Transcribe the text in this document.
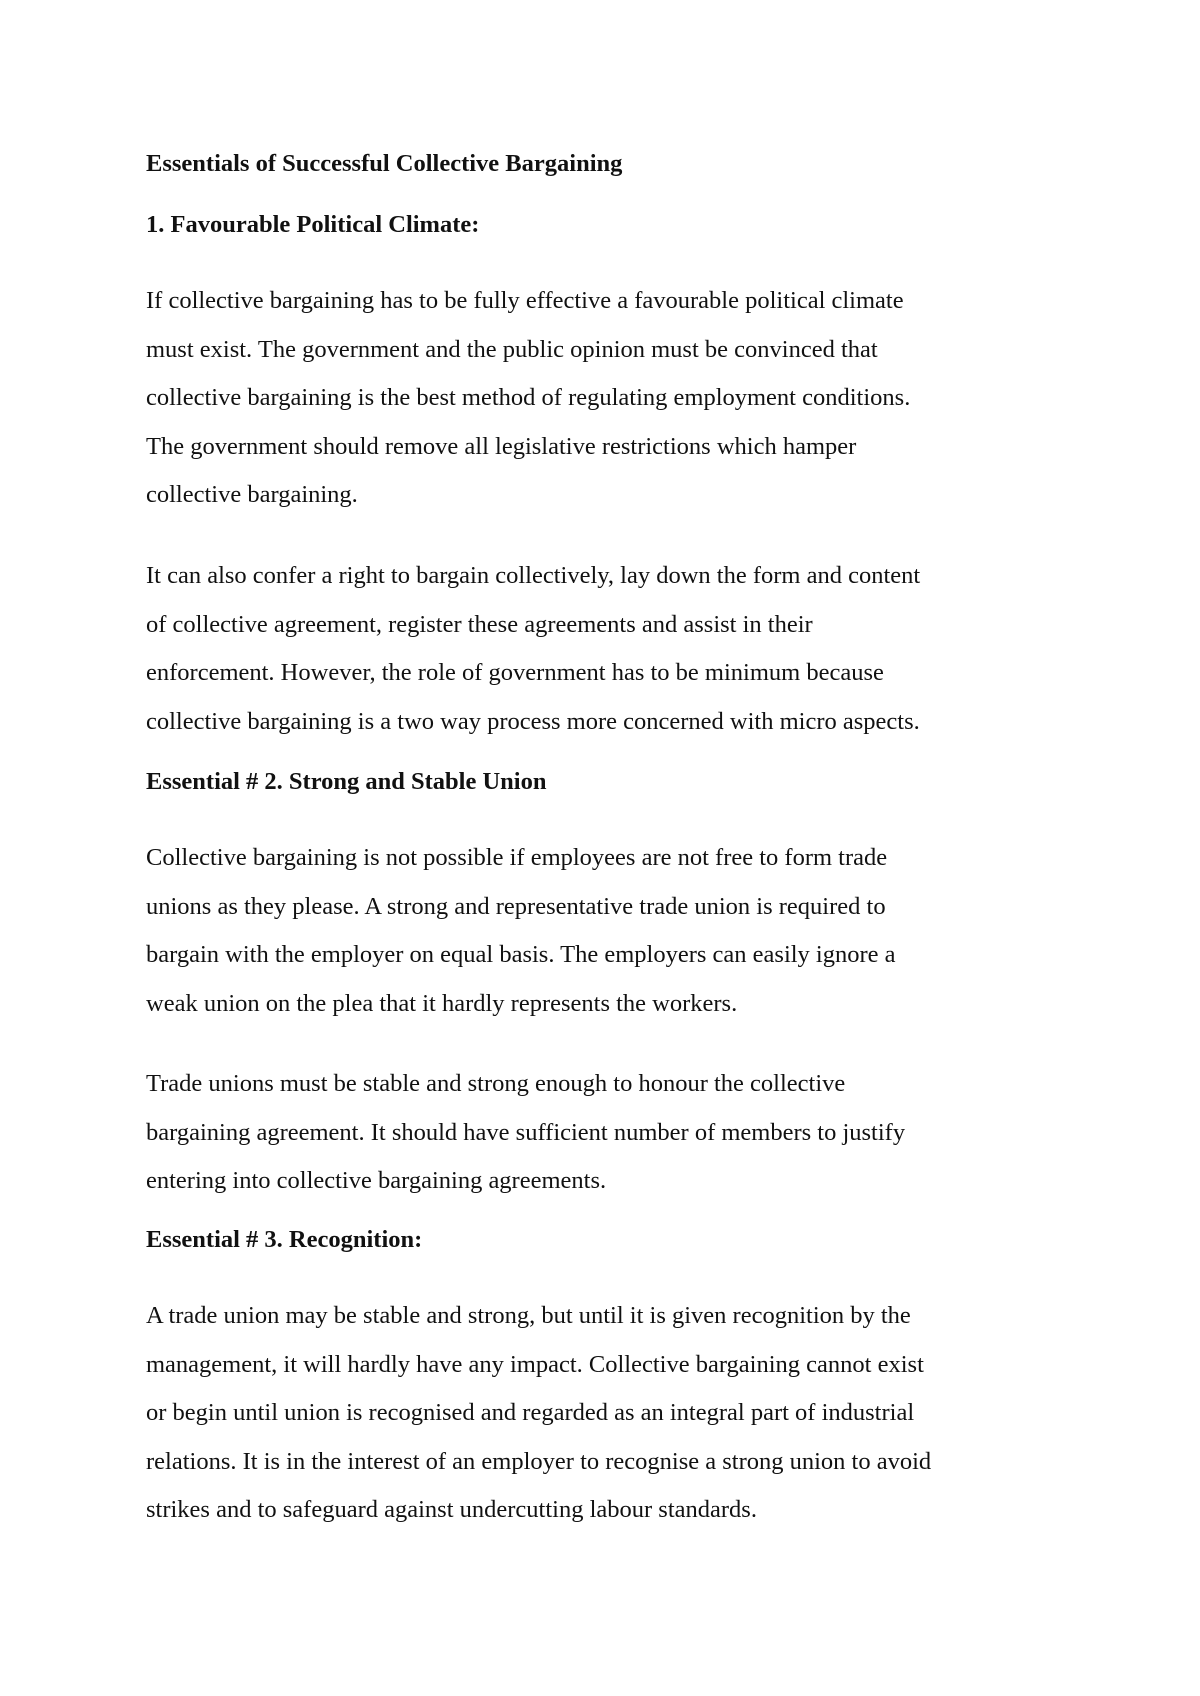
Essentials of Successful Collective Bargaining
1. Favourable Political Climate:

If collective bargaining has to be fully effective a favourable political climate
must exist. The government and the public opinion must be convinced that
collective bargaining is the best method of regulating employment conditions.
The government should remove all legislative restrictions which hamper
collective bargaining.

It can also confer a right to bargain collectively, lay down the form and content
of collective agreement, register these agreements and assist in their
enforcement. However, the role of government has to be minimum because
collective bargaining is a two way process more concerned with micro aspects.

Essential # 2. Strong and Stable Union

Collective bargaining is not possible if employees are not free to form trade
unions as they please. A strong and representative trade union is required to
bargain with the employer on equal basis. The employers can easily ignore a
weak union on the plea that it hardly represents the workers.

Trade unions must be stable and strong enough to honour the collective
bargaining agreement. It should have sufficient number of members to justify
entering into collective bargaining agreements.

Essential # 3. Recognition:

A trade union may be stable and strong, but until it is given recognition by the
management, it will hardly have any impact. Collective bargaining cannot exist
or begin until union is recognised and regarded as an integral part of industrial
relations. It is in the interest of an employer to recognise a strong union to avoid
strikes and to safeguard against undercutting labour standards.
